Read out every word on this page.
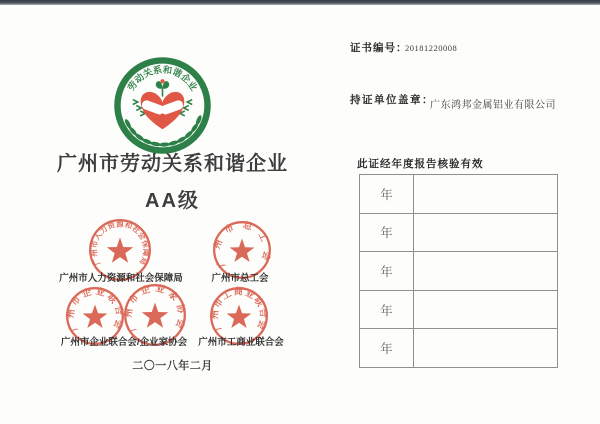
劳动关系和谐企业
广州市劳动关系和谐企业
AA级
广州市人力资源和社会保障局	广州市总工会
广州市企业联合会
广州市企业家协会	广州市工商业联合会
广州市人力资源和社会保障局	广州市总工会
广州市企业联合会/企业家协会 广州市工商业联合会
二〇一八年二月
证书编号：
20181220008
持证单位盖章：
广东鸿邦金属铝业有限公司
此证经年度报告核验有效
年	
年	
年	
年	
年	
